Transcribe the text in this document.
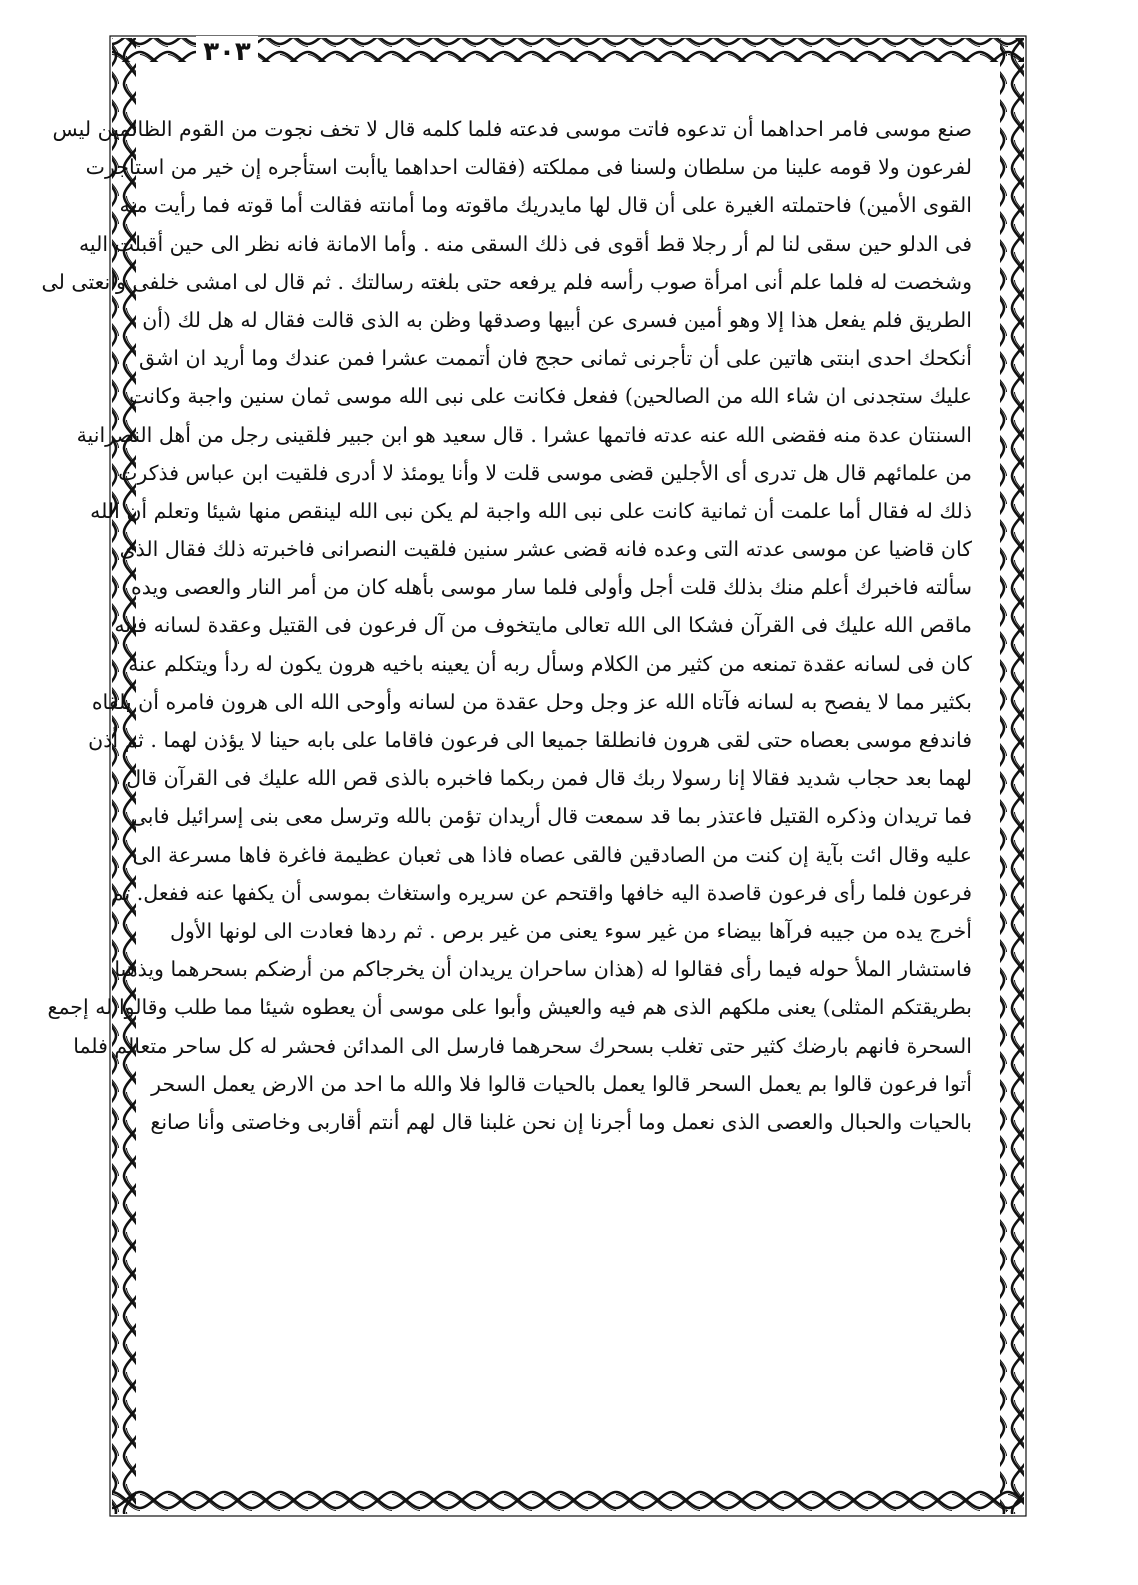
٣٠٣
صنع موسى فامر احداهما أن تدعوه فاتت موسى فدعته فلما كلمه قال لا تخف نجوت من القوم الظالمين ليس
لفرعون ولا قومه علينا من سلطان ولسنا فى مملكته (فقالت احداهما ياأبت استأجره إن خير من استاجرت
القوى الأمين) فاحتملته الغيرة على أن قال لها مايدريك ماقوته وما أمانته فقالت أما قوته فما رأيت منه
فى الدلو حين سقى لنا لم أر رجلا قط أقوى فى ذلك السقى منه . وأما الامانة فانه نظر الى حين أقبلت اليه
وشخصت له فلما علم أنى امرأة صوب رأسه فلم يرفعه حتى بلغته رسالتك . ثم قال لى امشى خلفى وانعتى لى
الطريق فلم يفعل هذا إلا وهو أمين فسرى عن أبيها وصدقها وظن به الذى قالت فقال له هل لك (أن
أنكحك احدى ابنتى هاتين على أن تأجرنى ثمانى حجج فان أتممت عشرا فمن عندك وما أريد ان اشق
عليك ستجدنى ان شاء الله من الصالحين) ففعل فكانت على نبى الله موسى ثمان سنين واجبة وكانت
السنتان عدة منه فقضى الله عنه عدته فاتمها عشرا . قال سعيد هو ابن جبير فلقينى رجل من أهل النصرانية
من علمائهم قال هل تدرى أى الأجلين قضى موسى قلت لا وأنا يومئذ لا أدرى فلقيت ابن عباس فذكرت
ذلك له فقال أما علمت أن ثمانية كانت على نبى الله واجبة لم يكن نبى الله لينقص منها شيئا وتعلم أن الله
كان قاضيا عن موسى عدته التى وعده فانه قضى عشر سنين فلقيت النصرانى فاخبرته ذلك فقال الذى
سألته فاخبرك أعلم منك بذلك قلت أجل وأولى فلما سار موسى بأهله كان من أمر النار والعصى ويده
ماقص الله عليك فى القرآن فشكا الى الله تعالى مايتخوف من آل فرعون فى القتيل وعقدة لسانه فانه
كان فى لسانه عقدة تمنعه من كثير من الكلام وسأل ربه أن يعينه باخيه هرون يكون له ردأ ويتكلم عنه
بكثير مما لا يفصح به لسانه فآتاه الله عز وجل وحل عقدة من لسانه وأوحى الله الى هرون فامره أن يلقاه
فاندفع موسى بعصاه حتى لقى هرون فانطلقا جميعا الى فرعون فاقاما على بابه حينا لا يؤذن لهما . ثم أذن
لهما بعد حجاب شديد فقالا إنا رسولا ربك قال فمن ربكما فاخبره بالذى قص الله عليك فى القرآن قال
فما تريدان وذكره القتيل فاعتذر بما قد سمعت قال أريدان تؤمن بالله وترسل معى بنى إسرائيل فابى
عليه وقال ائت بآية إن كنت من الصادقين فالقى عصاه فاذا هى ثعبان عظيمة فاغرة فاها مسرعة الى
فرعون فلما رأى فرعون قاصدة اليه خافها واقتحم عن سريره واستغاث بموسى أن يكفها عنه ففعل. ثم
أخرج يده من جيبه فرآها بيضاء من غير سوء يعنى من غير برص . ثم ردها فعادت الى لونها الأول
فاستشار الملأ حوله فيما رأى فقالوا له (هذان ساحران يريدان أن يخرجاكم من أرضكم بسحرهما ويذهبا
بطريقتكم المثلى) يعنى ملكهم الذى هم فيه والعيش وأبوا على موسى أن يعطوه شيئا مما طلب وقالوا له إجمع
السحرة فانهم بارضك كثير حتى تغلب بسحرك سحرهما فارسل الى المدائن فحشر له كل ساحر متعالم فلما
أتوا فرعون قالوا بم يعمل السحر قالوا يعمل بالحيات قالوا فلا والله ما احد من الارض يعمل السحر
بالحيات والحبال والعصى الذى نعمل وما أجرنا إن نحن غلبنا قال لهم أنتم أقاربى وخاصتى وأنا صانع
